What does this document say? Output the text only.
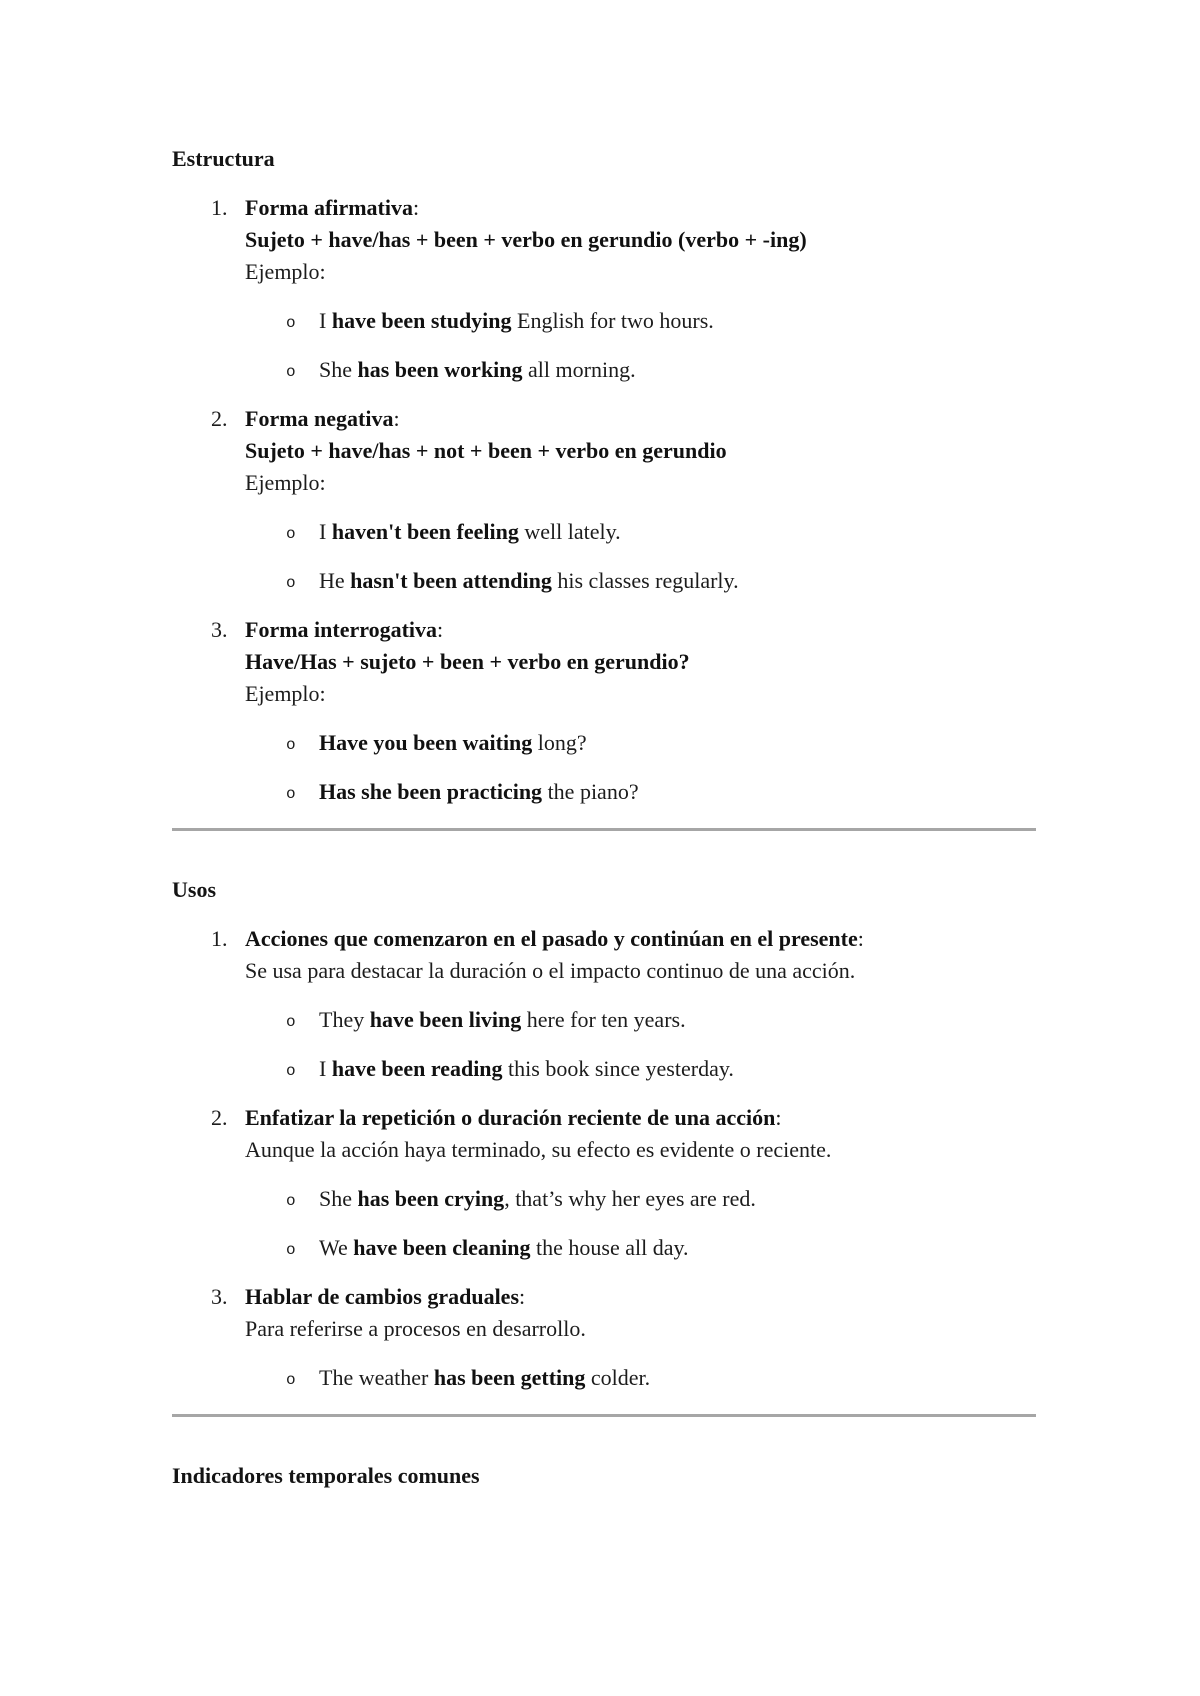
Estructura
1. Forma afirmativa:
Sujeto + have/has + been + verbo en gerundio (verbo + -ing)
Ejemplo:
o I have been studying English for two hours.
o She has been working all morning.
2. Forma negativa:
Sujeto + have/has + not + been + verbo en gerundio
Ejemplo:
o I haven't been feeling well lately.
o He hasn't been attending his classes regularly.
3. Forma interrogativa:
Have/Has + sujeto + been + verbo en gerundio?
Ejemplo:
o Have you been waiting long?
o Has she been practicing the piano?
Usos
1. Acciones que comenzaron en el pasado y continúan en el presente:
Se usa para destacar la duración o el impacto continuo de una acción.
o They have been living here for ten years.
o I have been reading this book since yesterday.
2. Enfatizar la repetición o duración reciente de una acción:
Aunque la acción haya terminado, su efecto es evidente o reciente.
o She has been crying, that’s why her eyes are red.
o We have been cleaning the house all day.
3. Hablar de cambios graduales:
Para referirse a procesos en desarrollo.
o The weather has been getting colder.
Indicadores temporales comunes
